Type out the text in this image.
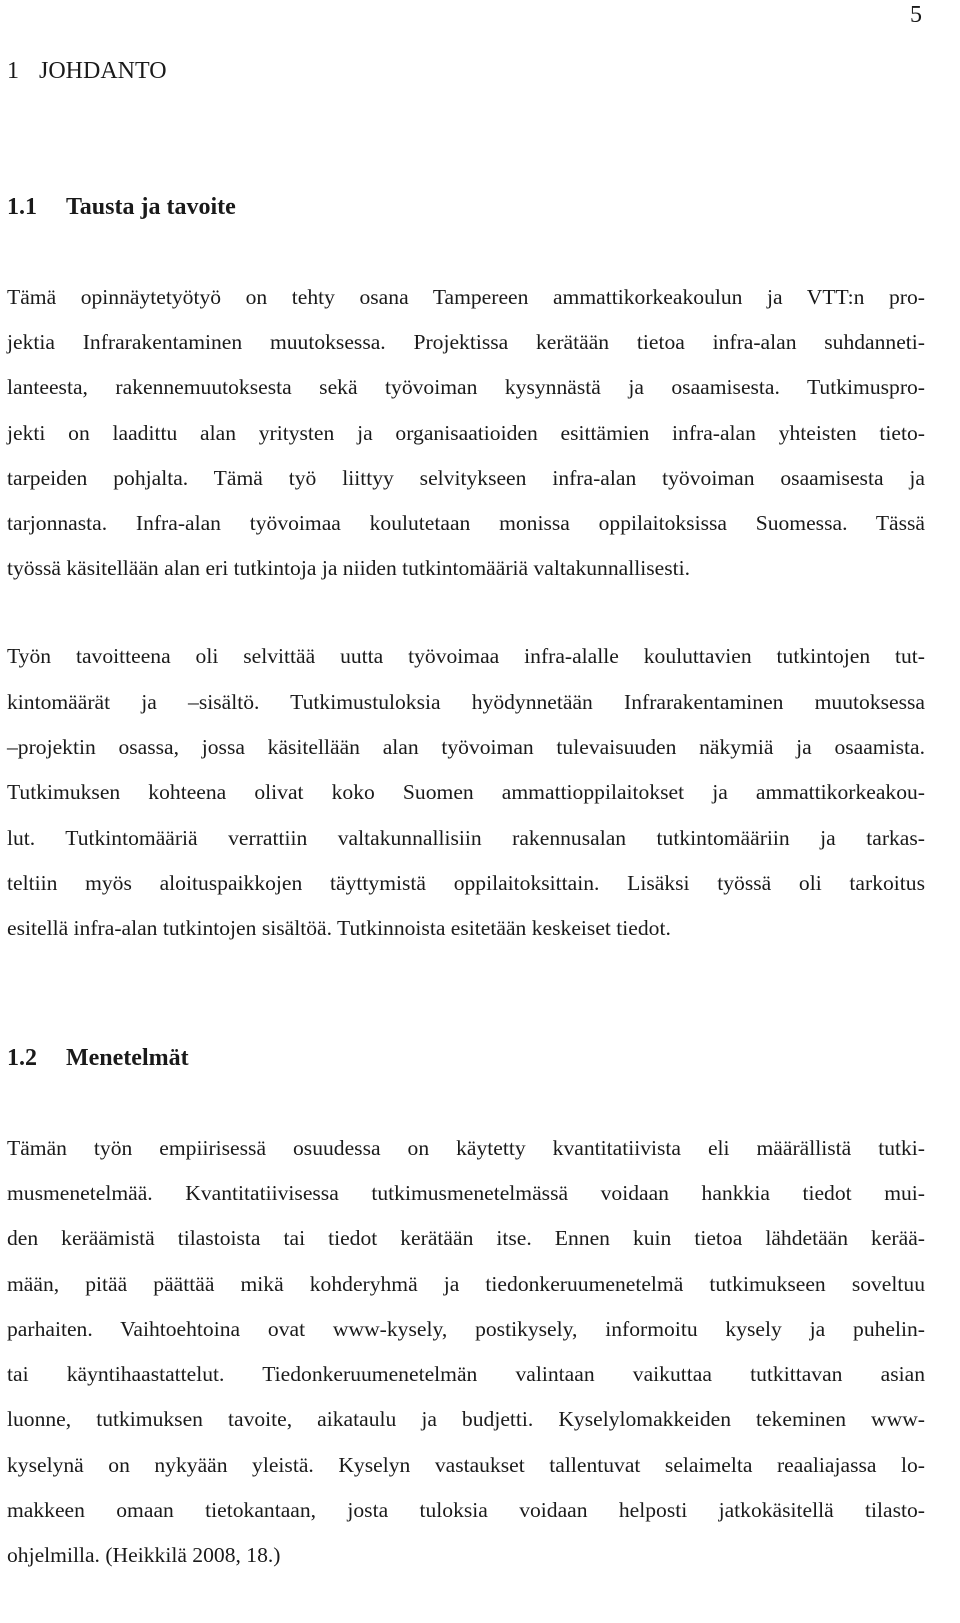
5
1 JOHDANTO
1.1 Tausta ja tavoite
Tämä opinnäytetyötyö on tehty osana Tampereen ammattikorkeakoulun ja VTT:n pro-
jektia Infrarakentaminen muutoksessa. Projektissa kerätään tietoa infra-alan suhdanneti-
lanteesta, rakennemuutoksesta sekä työvoiman kysynnästä ja osaamisesta. Tutkimuspro-
jekti on laadittu alan yritysten ja organisaatioiden esittämien infra-alan yhteisten tieto-
tarpeiden pohjalta. Tämä työ liittyy selvitykseen infra-alan työvoiman osaamisesta ja
tarjonnasta. Infra-alan työvoimaa koulutetaan monissa oppilaitoksissa Suomessa. Tässä
työssä käsitellään alan eri tutkintoja ja niiden tutkintomääriä valtakunnallisesti.
Työn tavoitteena oli selvittää uutta työvoimaa infra-alalle kouluttavien tutkintojen tut-
kintomäärät ja –sisältö. Tutkimustuloksia hyödynnetään Infrarakentaminen muutoksessa
–projektin osassa, jossa käsitellään alan työvoiman tulevaisuuden näkymiä ja osaamista.
Tutkimuksen kohteena olivat koko Suomen ammattioppilaitokset ja ammattikorkeakou-
lut. Tutkintomääriä verrattiin valtakunnallisiin rakennusalan tutkintomääriin ja tarkas-
teltiin myös aloituspaikkojen täyttymistä oppilaitoksittain. Lisäksi työssä oli tarkoitus
esitellä infra-alan tutkintojen sisältöä. Tutkinnoista esitetään keskeiset tiedot.
1.2 Menetelmät
Tämän työn empiirisessä osuudessa on käytetty kvantitatiivista eli määrällistä tutki-
musmenetelmää. Kvantitatiivisessa tutkimusmenetelmässä voidaan hankkia tiedot mui-
den keräämistä tilastoista tai tiedot kerätään itse. Ennen kuin tietoa lähdetään kerää-
mään, pitää päättää mikä kohderyhmä ja tiedonkeruumenetelmä tutkimukseen soveltuu
parhaiten. Vaihtoehtoina ovat www-kysely, postikysely, informoitu kysely ja puhelin-
tai käyntihaastattelut. Tiedonkeruumenetelmän valintaan vaikuttaa tutkittavan asian
luonne, tutkimuksen tavoite, aikataulu ja budjetti. Kyselylomakkeiden tekeminen www-
kyselynä on nykyään yleistä. Kyselyn vastaukset tallentuvat selaimelta reaaliajassa lo-
makkeen omaan tietokantaan, josta tuloksia voidaan helposti jatkokäsitellä tilasto-
ohjelmilla. (Heikkilä 2008, 18.)
